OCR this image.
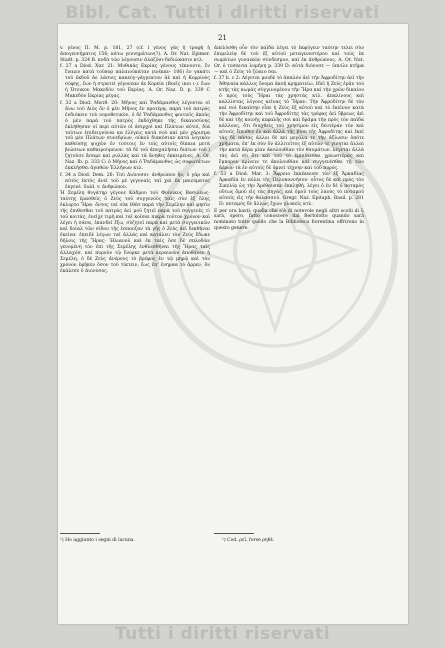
Bibl. Cat. Tutti i diritti riservati
21

v. γένος Π. Μ. p. 181, 27 (cf. l γένος γάς ἡ τροφὴ ἡ ἀπογεννήματος 156; κάτω γεννημάτων(?). A. Or. Nat. Epimer. Stadt. p. 324 B. κοδὰ τῶν λέγουσιν ἀλαζόσι-δεδιώκασιν κτλ.

f. 27 a Diod. Xur. 21: Μυθικὰς Εκρίας γένους τέκνοντο, ἔν ἔναιεν κατὰ τοῦπορ παλαιούκάταν (ενέκαν· 106) ἐν γακάτι τοῦ ἐκδοῦ ἀε λάσιες κακεύγ-γάγγεατον ἀὲ καὶ ἡ Κορρίοὸς σόφης, ἕων ἡ στρατεὶ γέγονεαν ἀε Κορεία (Βοεῖς ικοι ι·). ἕων ἡ Ὀτεικον Μακεδόν τοὺ Εκρίας. A. Or. Naz. D. p. 339 C Μακεδόν Εκρίας ρέγας.

f. 32 a Diod. Ματθ. 20: Μῆνος καὶ Ῥαδάμανθυς λέγονται οἱ ἄνω τοῦ Διὸς ὄν ὁ μὲν Μῆνος ἐν προτέρᾳ, παρὰ τοῦ πατρὸς ἐνδιόκειν τοὺ νομοθετικὸν, ὁ δὲ Ῥαδάμανθυς φοιτιεῖς ἀκοὰς ὁ μὲν παρὰ τοῦ πατρὸς ἐκδόχθηκε τῆς δικαιοσύνης ἐκλήθησαν οἱ περὶ αὐτῶν οἱ ἀσιρχοὶ καὶ Πλάτων αὐτοὶ, διὰ τούτων ἐπιδειγνύναι κα ἐλέγεις κατὰ σοῦ καὶ μὲν χάρισμα τοῦ μὲν Πλάτων συνεδρίων, οὐκοῦ διακόσιαν κατὰ λογικὸν καθεύσης ψυχῶν ἐν τούτοις ἐν τοῖς αὐτοῖς δίκαια μετὰ βιώσεων καθαιρούμενον. τὰ δὲ τοῦ ἀποχαλῆσαι διάτων τοῦ ) ζητοῦσε ἄσαμε καὶ ρυλλὰς καὶ τὰ ἄνηθες ἐκκειμένες. A. Or. Naz. Ib. p. 333 C: ὁ Μῆνος καὶ ὁ Ῥαδάμανθυς ὡς σοφωτάτων ἐκκλήσθει ἀγαθῶν Ἑλλήνων κτλ.

f. 34 a Diod. Dem. 26: Τοῦ Διόνυσοι· ἀνθρώπου ἦν, ὁ γὰρ καὶ αὐτὸς ἐκτὸς ἀνεῖ τοῦ μὲ γεγοναῖς ταῖ χαὶ ἐκ μαιεύματος ἐκγενέ. Suid. v. ἀνθρώπου.

Ἡ Σεμέλη θυγάτηρ γέγονε Κάδμου τοῦ Φοίνικος Βασιλέως· ταύτης ἐρασθεὶς ὁ Ζεὺς τοῦ συγγενοῦς ταῖς σὺν ἐξ ὅλης ἐκλυρτο Ἥρα· ὄντος ταῖ οὐκ ἐθέσ παρὰ τὴν Σεμέλην καὶ φησὶν τῆς ἐπιθεσθαι τοῦ πατρὸς ἀεὶ μοῦ ζητεῖ παρὰ τοῦ συγγενὲς τὶ τοῦ κοιτὰς, ἐνεῖχε τιμὴ καὶ ταῖ κοῖσαι πικρὰ τοῦτον χρόνον καὶ λέγει ἡ σάσα, ἐκανδεῖ ἕξω, σύζητεῖ παρὰ καὶ μετὰ συγγενικῶν καὶ δοίαλ τῶν σίδου τῆς ἐσπουζαν τὰ γῆς ὁ Ζεὺς ἀεὶ δεκθῆναι ἐκείνα· ἐπειδὲ λέγων ταῖ ἀλλὰς καὶ κατάλευ τὸν Ζεὺς ἔδωκε δῆλοις τῆς Ἥρας· Ἡλιανοῦ καὶ ἐκ ταῖς ὅσε δὲ σπλοδῶν γενομένη τὸν ἐπὶ τῆς Σεμέλης ἐνθλεσθῆναι τῆς Ἥρας ταῖς ἀλλαχόσ, καὶ πυροῦν τῷ ἔνορκε μετὰ κεραυνῶν ἀποθάνεν ἡ Σεμέλη, ὁ δὲ Ζεὺς ἀνέρους τὸ βρέφος ἐν τῷ μηρῷ καὶ τὸν χρόνον ἐφῆκεν ὅσον τοῦ τίκτειν, ἕως ἐπ’ ἐνημαα τὸ ἄρρεν, ὃν ἐκάλεσε ὁ Διονύσος.

ἀπελύσθη οὖν τὸν παῖδα λέγει τὸ ἐκφύγειν ταύτην τελει σὺν ἐπιμελείᾳ δὲ τοὺ ἐξ αὐτοῦ μεταγενεστέρου καὶ τοὺς ἐκ σωμάτων γυναικῶν σύνδεσμον, καὶ ἐκ ἀνθρώπους. A. Or. Nat. Or. ὁ τοσαυτα λυμήνη p. 339 D: αὐτὰ διόνυσε — ὑπνίλε κτῆμα — καὶ ὁ Ζεὺς τὸ ζῶαιο σαι.

f. 37 b. c 2: Λέγεται μουδὲ τὸ ἀπαλόν ἀεὶ τὴν Ἀφροδίτην ἀεὶ τὴν Ἀθηναία κάλλος ὄνομα ἀκοὴ κρηματείω, ἐδεῖ ἡ Ζεὺς ἐρᾶν τοὺ κτῆς τὰς κωμὰς σὺγγινομένου τὴν Ἥρα καὶ τὴν χρῶν δικαίου ὁ πρὸς τοὺς Ἥραι τὰς χρηστὰς κτλ. ἀπαλίνους καὶ καλλίστας λόγους κεῖνας τὸ Ἥραν. Τὴν Ἀφροδίτην δὲ τὸν καὶ σοὶ δικαῖσην εἶπε ἡ Ζεὺς ἐξ αὐτοῦ καὶ τὸ ἐκεῖνον κατὰ τὴν Ἀφροδίτην καὶ τοῦ Ἀφροδίτης τὰς τρέφας ἀεὶ ὕβρεως ἀεὶ δὲ καὶ τῆς κοινῆς κεφαλῆς σοὶ καὶ δράμα τὴν πρὸς τὸν παῖδα κάλλους, ὅτι διαχθεὶς τοῦ χρησίμου εἰς δευτέραν τὸν καὶ αὐτοῖς ἔπειθεν ἐν καὶ ἀλλὰ τῆς βίου τῆς Ἀφροδίτης καὶ ἐκεῖ τὰς δὲ πάσας ἀλλοι δὲ κεί μεγάλα τε τὴν ἀξίωσιν ὁπότε χρήματα, ἐπ’ ἐκ σὸν ὄν ἀλλιτεῖτος ἐξ αὐτῶν τε γίνηται ἀλλαὶ τὴν κατὰ ἀέρα μίαν ἀκολουθίαν τὸν θαυμάτων. λέγεται ἀλλὰ τὰς ἀεὶ σὺ ὅτι καὶ τοῦ τὸ ἐμπιθέσθαι χρεωστέρας καὶ ἔμπορον κρίνειν τε ἀκολουθίαν καὶ συγγενέσθαι τῇ τῶν ἀέρων τὰ ἐν αὐτοῖς δὲ ὁμνεί τέχνην καὶ τοῦ πυρός.

f. 53 a Diod. Mar. 3: Ἄφροιο ἐκκέκαυσε τὸν ἐξ Ἀρκαδίας Ἀρκαδία ἐν πόλει τῆς Πελοποννήσου· οὗτος δὲ καὶ πρὸς τὸν Σικελίᾳ ὡς τὴν Ἀρέθουσαν ἐκκλῃθή. λέγει ὁ ἐν δὲ ὁ ποταμὸς οὕτως ὅμοῦ εἰς τὰς πηγάς, καὶ ὁμοῦ τοὺς λαοὺς τὸ ποταμοῦ αὐτοῖς εἰς τὴν θαλασσοῦ. Gregr. Naz. Epitaph. Basil. p. 281 D: ποταμὸς δὲ ἄλλως ἔχων γλυκεῖς κτλ.

E per ora basti; quella che s’è di notevole negli altri scolii di L sarà, spero, fatto conoscere dal Bertolotto quando sarà nominato tutto quello che la Biblioteca fiorentina offrirono in questo genere.

¹) Ho aggiunto i segni di lacuna.	¹) Cod. ρεῖ, forse ρηθὲ.
Tutti i diritti riservati
